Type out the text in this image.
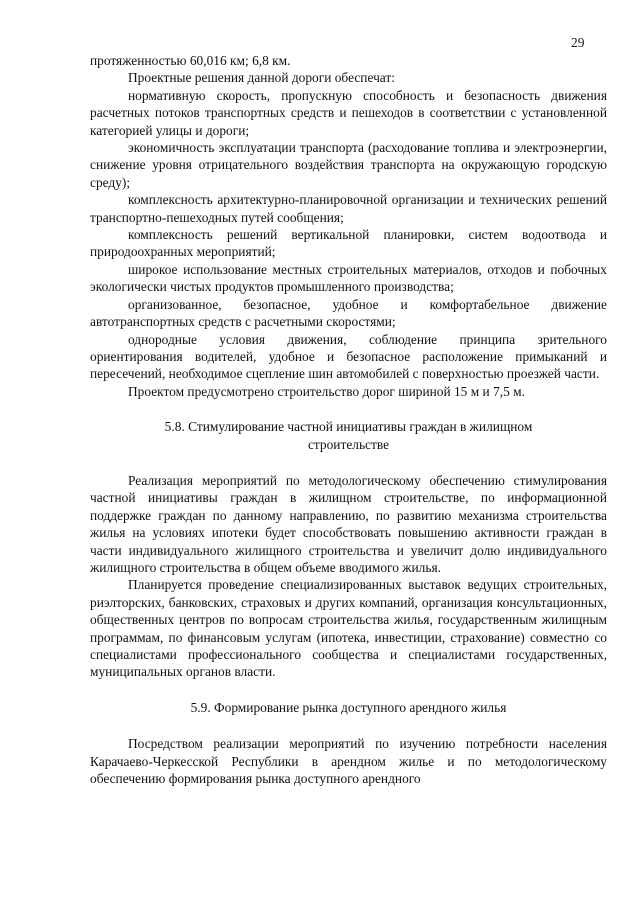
29

протяженностью 60,016 км; 6,8 км.

Проектные решения данной дороги обеспечат:

нормативную скорость, пропускную способность и безопасность движения расчетных потоков транспортных средств и пешеходов в соответствии с установленной категорией улицы и дороги;

экономичность эксплуатации транспорта (расходование топлива и электроэнергии, снижение уровня отрицательного воздействия транспорта на окружающую городскую среду);

комплексность архитектурно-планировочной организации и технических решений транспортно-пешеходных путей сообщения;

комплексность решений вертикальной планировки, систем водоотвода и природоохранных мероприятий;

широкое использование местных строительных материалов, отходов и побочных экологически чистых продуктов промышленного производства;

организованное, безопасное, удобное и комфортабельное движение автотранспортных средств с расчетными скоростями;

однородные условия движения, соблюдение принципа зрительного ориентирования водителей, удобное и безопасное расположение примыканий и пересечений, необходимое сцепление шин автомобилей с поверхностью проезжей части.

Проектом предусмотрено строительство дорог шириной 15 м и 7,5 м.

5.8. Стимулирование частной инициативы граждан в жилищном строительстве

Реализация мероприятий по методологическому обеспечению стимулирования частной инициативы граждан в жилищном строительстве, по информационной поддержке граждан по данному направлению, по развитию механизма строительства жилья на условиях ипотеки будет способствовать повышению активности граждан в части индивидуального жилищного строительства и увеличит долю индивидуального жилищного строительства в общем объеме вводимого жилья.

Планируется проведение специализированных выставок ведущих строительных, риэлторских, банковских, страховых и других компаний, организация консультационных, общественных центров по вопросам строительства жилья, государственным жилищным программам, по финансовым услугам (ипотека, инвестиции, страхование) совместно со специалистами профессионального сообщества и специалистами государственных, муниципальных органов власти.

5.9. Формирование рынка доступного арендного жилья

Посредством реализации мероприятий по изучению потребности населения Карачаево-Черкесской Республики в арендном жилье и по методологическому обеспечению формирования рынка доступного арендного
